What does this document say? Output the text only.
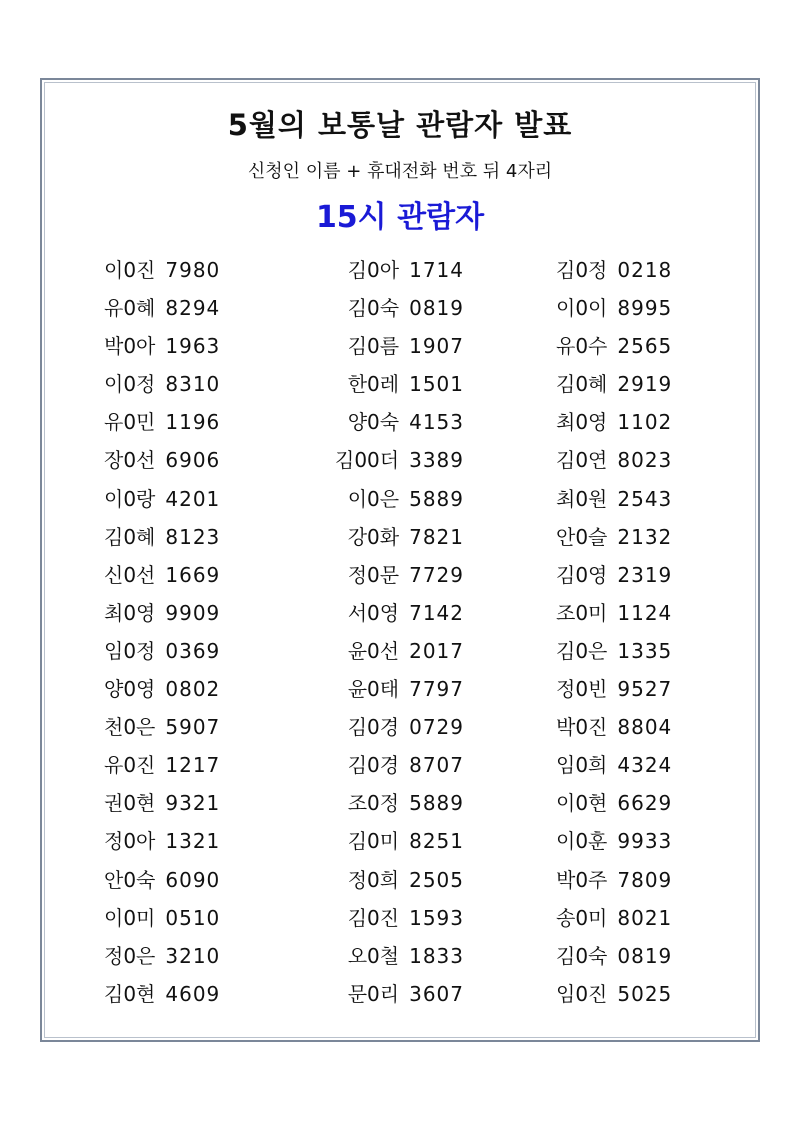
5월의 보통날 관람자 발표
신청인 이름 + 휴대전화 번호 뒤 4자리
15시 관람자
이0진 7980
유0혜 8294
박0아 1963
이0정 8310
유0민 1196
장0선 6906
이0랑 4201
김0혜 8123
신0선 1669
최0영 9909
임0정 0369
양0영 0802
천0은 5907
유0진 1217
권0현 9321
정0아 1321
안0숙 6090
이0미 0510
정0은 3210
김0현 4609
김0아 1714
김0숙 0819
김0름 1907
한0레 1501
양0숙 4153
김00더 3389
이0은 5889
강0화 7821
정0문 7729
서0영 7142
윤0선 2017
윤0태 7797
김0경 0729
김0경 8707
조0정 5889
김0미 8251
정0희 2505
김0진 1593
오0철 1833
문0리 3607
김0정 0218
이0이 8995
유0수 2565
김0혜 2919
최0영 1102
김0연 8023
최0원 2543
안0슬 2132
김0영 2319
조0미 1124
김0은 1335
정0빈 9527
박0진 8804
임0희 4324
이0현 6629
이0훈 9933
박0주 7809
송0미 8021
김0숙 0819
임0진 5025
